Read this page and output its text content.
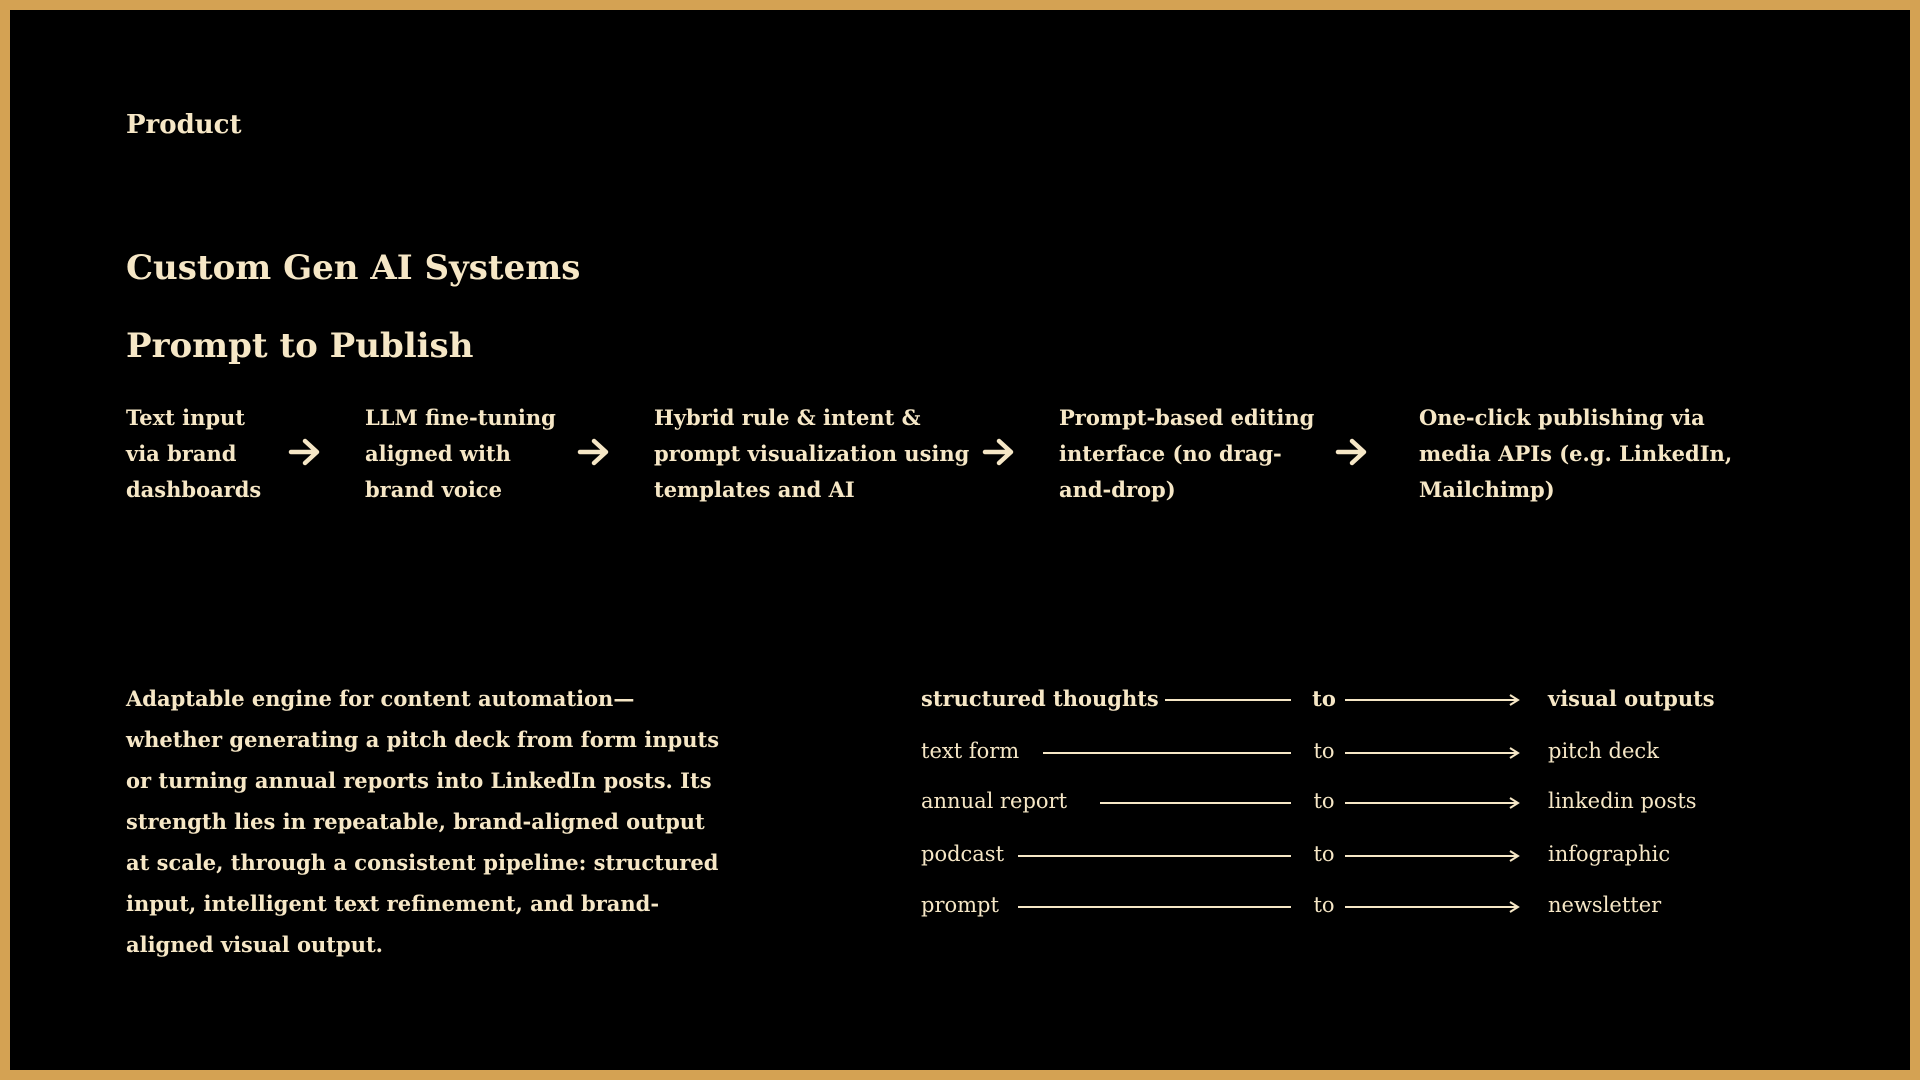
Product
Custom Gen AI Systems
Prompt to Publish
Text input
via brand
dashboards
LLM fine-tuning
aligned with
brand voice
Hybrid rule & intent &
prompt visualization using
templates and AI
Prompt-based editing
interface (no drag-
and-drop)
One-click publishing via
media APIs (e.g. LinkedIn,
Mailchimp)
Adaptable engine for content automation—whether generating a pitch deck from form inputs or turning annual reports into LinkedIn posts. Its strength lies in repeatable, brand-aligned output at scale, through a consistent pipeline: structured input, intelligent text refinement, and brand-aligned visual output.
structured thoughts	to	visual outputs
text form	to	pitch deck
annual report	to	linkedin posts
podcast	to	infographic
prompt	to	newsletter
